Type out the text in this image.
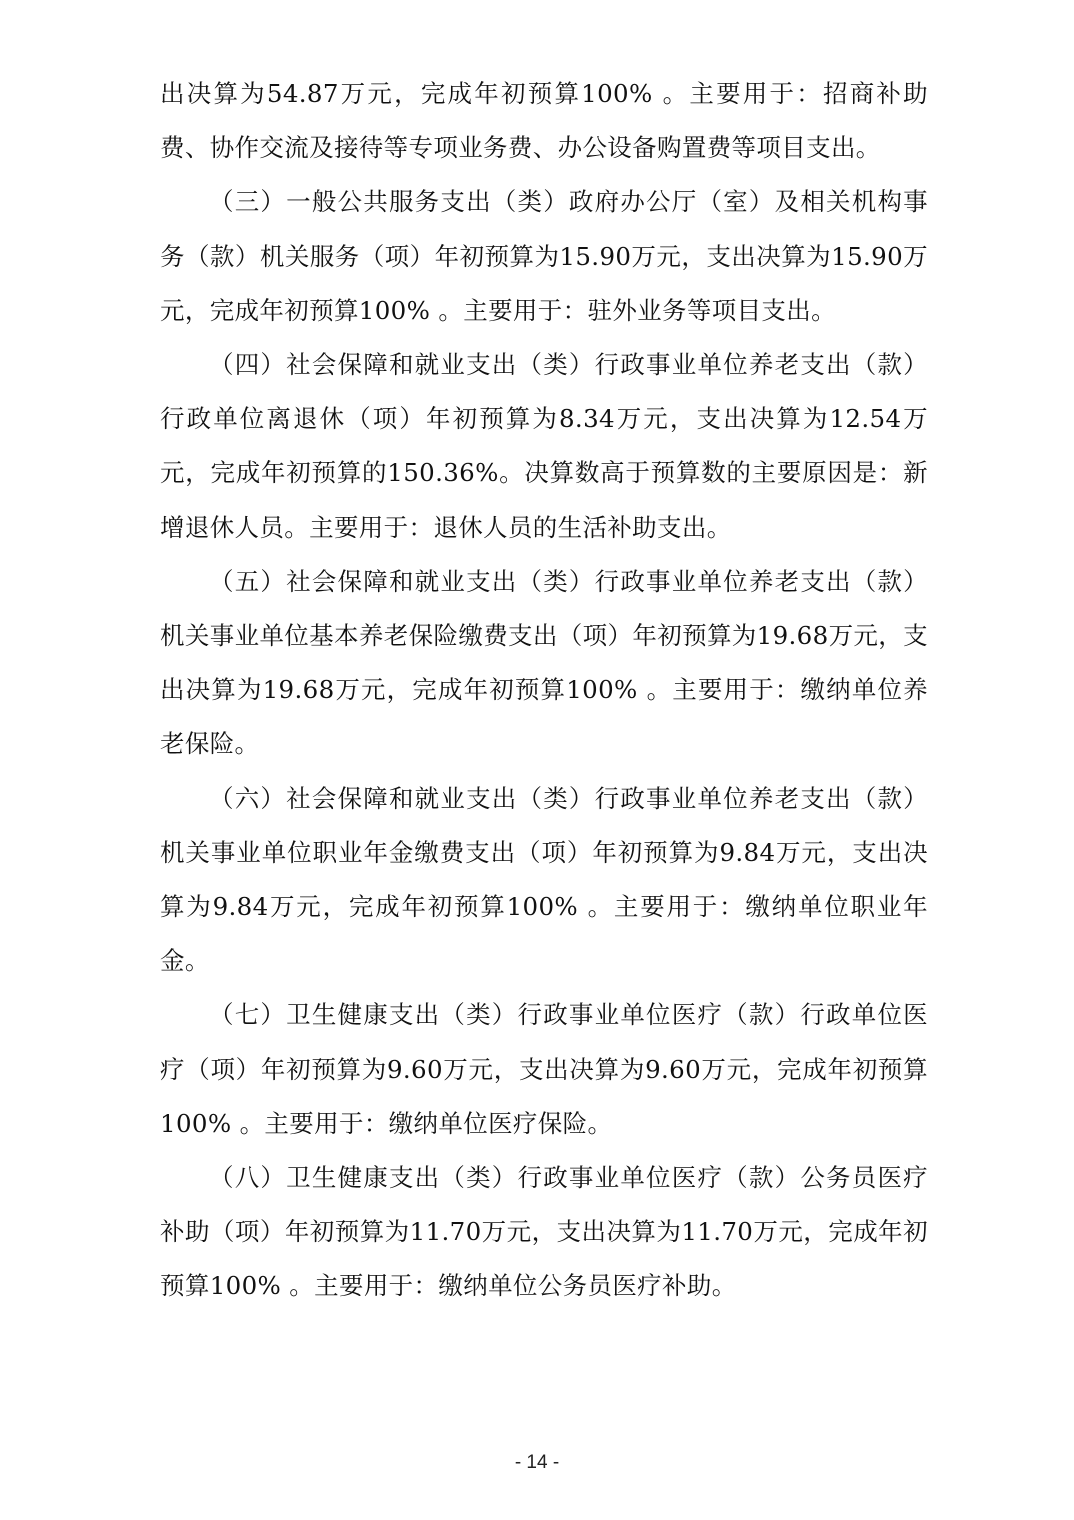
出决算为54.87万元，完成年初预算100% 。主要用于：招商补助费、协作交流及接待等专项业务费、办公设备购置费等项目支出。

（三）一般公共服务支出（类）政府办公厅（室）及相关机构事务（款）机关服务（项）年初预算为15.90万元，支出决算为15.90万元，完成年初预算100% 。主要用于：驻外业务等项目支出。

（四）社会保障和就业支出（类）行政事业单位养老支出（款）行政单位离退休（项）年初预算为8.34万元，支出决算为12.54万元，完成年初预算的150.36%。决算数高于预算数的主要原因是：新增退休人员。主要用于：退休人员的生活补助支出。

（五）社会保障和就业支出（类）行政事业单位养老支出（款）机关事业单位基本养老保险缴费支出（项）年初预算为19.68万元，支出决算为19.68万元，完成年初预算100% 。主要用于：缴纳单位养老保险。

（六）社会保障和就业支出（类）行政事业单位养老支出（款）机关事业单位职业年金缴费支出（项）年初预算为9.84万元，支出决算为9.84万元，完成年初预算100% 。主要用于：缴纳单位职业年金。

（七）卫生健康支出（类）行政事业单位医疗（款）行政单位医疗（项）年初预算为9.60万元，支出决算为9.60万元，完成年初预算100% 。主要用于：缴纳单位医疗保险。

（八）卫生健康支出（类）行政事业单位医疗（款）公务员医疗补助（项）年初预算为11.70万元，支出决算为11.70万元，完成年初预算100% 。主要用于：缴纳单位公务员医疗补助。

- 14 -
